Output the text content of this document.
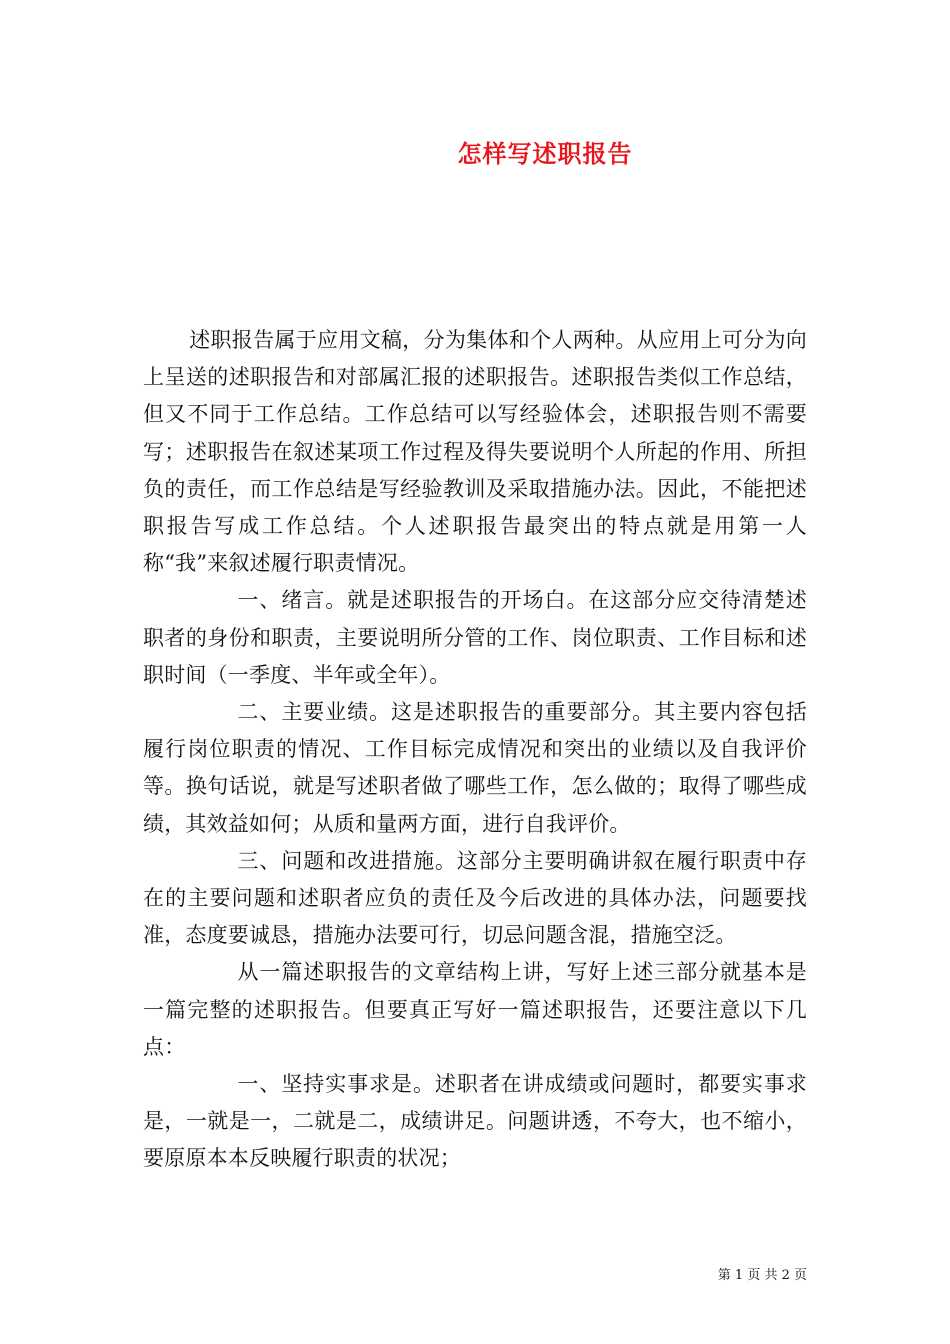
怎样写述职报告

述职报告属于应用文稿，分为集体和个人两种。从应用上可分为向上呈送的述职报告和对部属汇报的述职报告。述职报告类似工作总结，但又不同于工作总结。工作总结可以写经验体会，述职报告则不需要写；述职报告在叙述某项工作过程及得失要说明个人所起的作用、所担负的责任，而工作总结是写经验教训及采取措施办法。因此，不能把述职报告写成工作总结。个人述职报告最突出的特点就是用第一人称“我”来叙述履行职责情况。

一、绪言。就是述职报告的开场白。在这部分应交待清楚述职者的身份和职责，主要说明所分管的工作、岗位职责、工作目标和述职时间（一季度、半年或全年）。

二、主要业绩。这是述职报告的重要部分。其主要内容包括履行岗位职责的情况、工作目标完成情况和突出的业绩以及自我评价等。换句话说，就是写述职者做了哪些工作，怎么做的；取得了哪些成绩，其效益如何；从质和量两方面，进行自我评价。

三、问题和改进措施。这部分主要明确讲叙在履行职责中存在的主要问题和述职者应负的责任及今后改进的具体办法，问题要找准，态度要诚恳，措施办法要可行，切忌问题含混，措施空泛。

从一篇述职报告的文章结构上讲，写好上述三部分就基本是一篇完整的述职报告。但要真正写好一篇述职报告，还要注意以下几点：

一、坚持实事求是。述职者在讲成绩或问题时，都要实事求是，一就是一，二就是二，成绩讲足。问题讲透，不夸大，也不缩小，要原原本本反映履行职责的状况；

第 1 页 共 2 页
